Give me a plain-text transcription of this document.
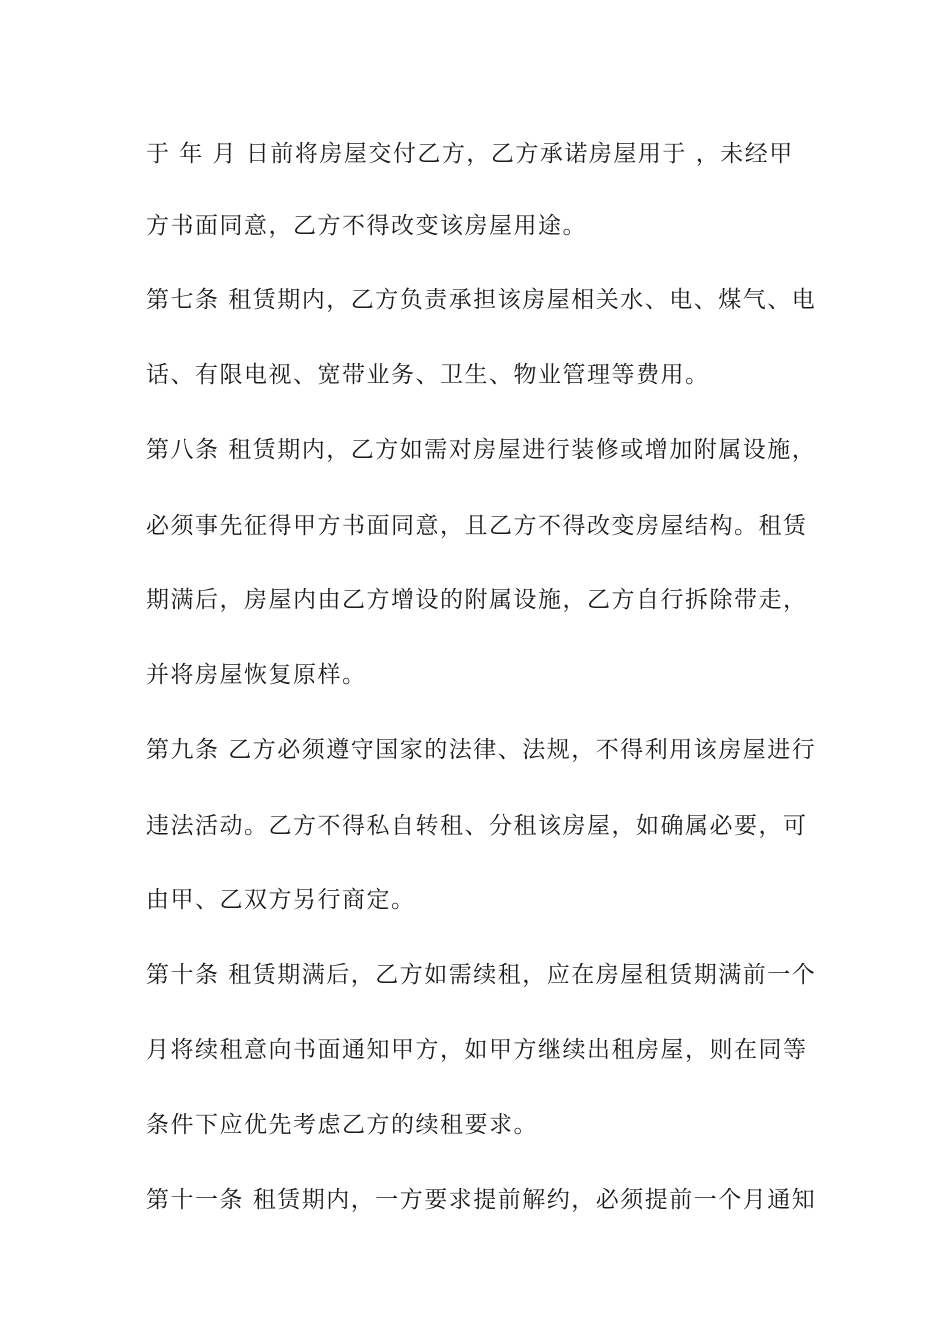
于 年 月 日前将房屋交付乙方，乙方承诺房屋用于 ，未经甲
方书面同意，乙方不得改变该房屋用途。
第七条 租赁期内，乙方负责承担该房屋相关水、电、煤气、电
话、有限电视、宽带业务、卫生、物业管理等费用。
第八条 租赁期内，乙方如需对房屋进行装修或增加附属设施，
必须事先征得甲方书面同意，且乙方不得改变房屋结构。租赁
期满后，房屋内由乙方增设的附属设施，乙方自行拆除带走，
并将房屋恢复原样。
第九条 乙方必须遵守国家的法律、法规，不得利用该房屋进行
违法活动。乙方不得私自转租、分租该房屋，如确属必要，可
由甲、乙双方另行商定。
第十条 租赁期满后，乙方如需续租，应在房屋租赁期满前一个
月将续租意向书面通知甲方，如甲方继续出租房屋，则在同等
条件下应优先考虑乙方的续租要求。
第十一条 租赁期内，一方要求提前解约，必须提前一个月通知
